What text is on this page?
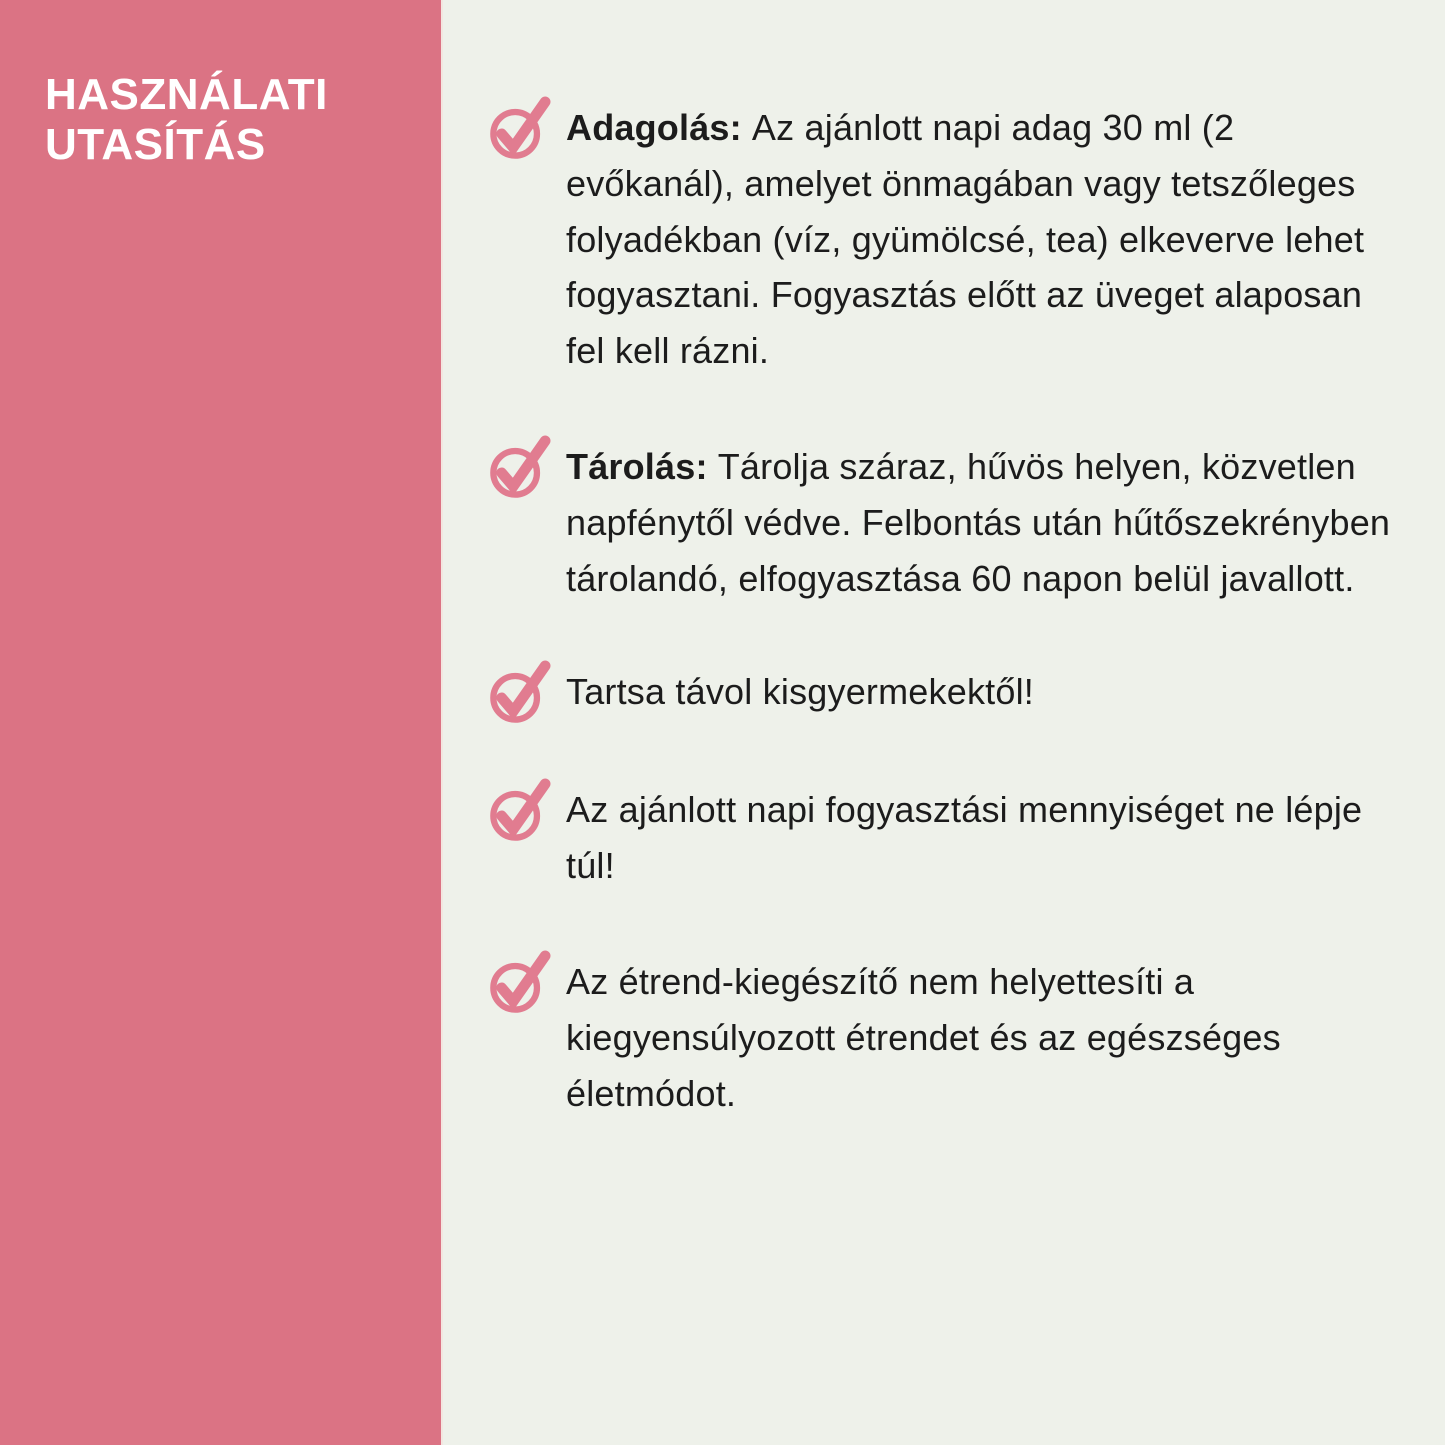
HASZNÁLATI UTASÍTÁS	Adagolás: Az ajánlott napi adag 30 ml (2 evőkanál), amelyet önmagában vagy tetszőleges folyadékban (víz, gyümölcsé, tea) elkeverve lehet fogyasztani. Fogyasztás előtt az üveget alaposan fel kell rázni.

Tárolás: Tárolja száraz, hűvös helyen, közvetlen napfénytől védve. Felbontás után hűtőszekrényben tárolandó, elfogyasztása 60 napon belül javallott.

Tartsa távol kisgyermekektől!

Az ajánlott napi fogyasztási mennyiséget ne lépje túl!

Az étrend-kiegészítő nem helyettesíti a kiegyensúlyozott étrendet és az egészséges életmódot.
